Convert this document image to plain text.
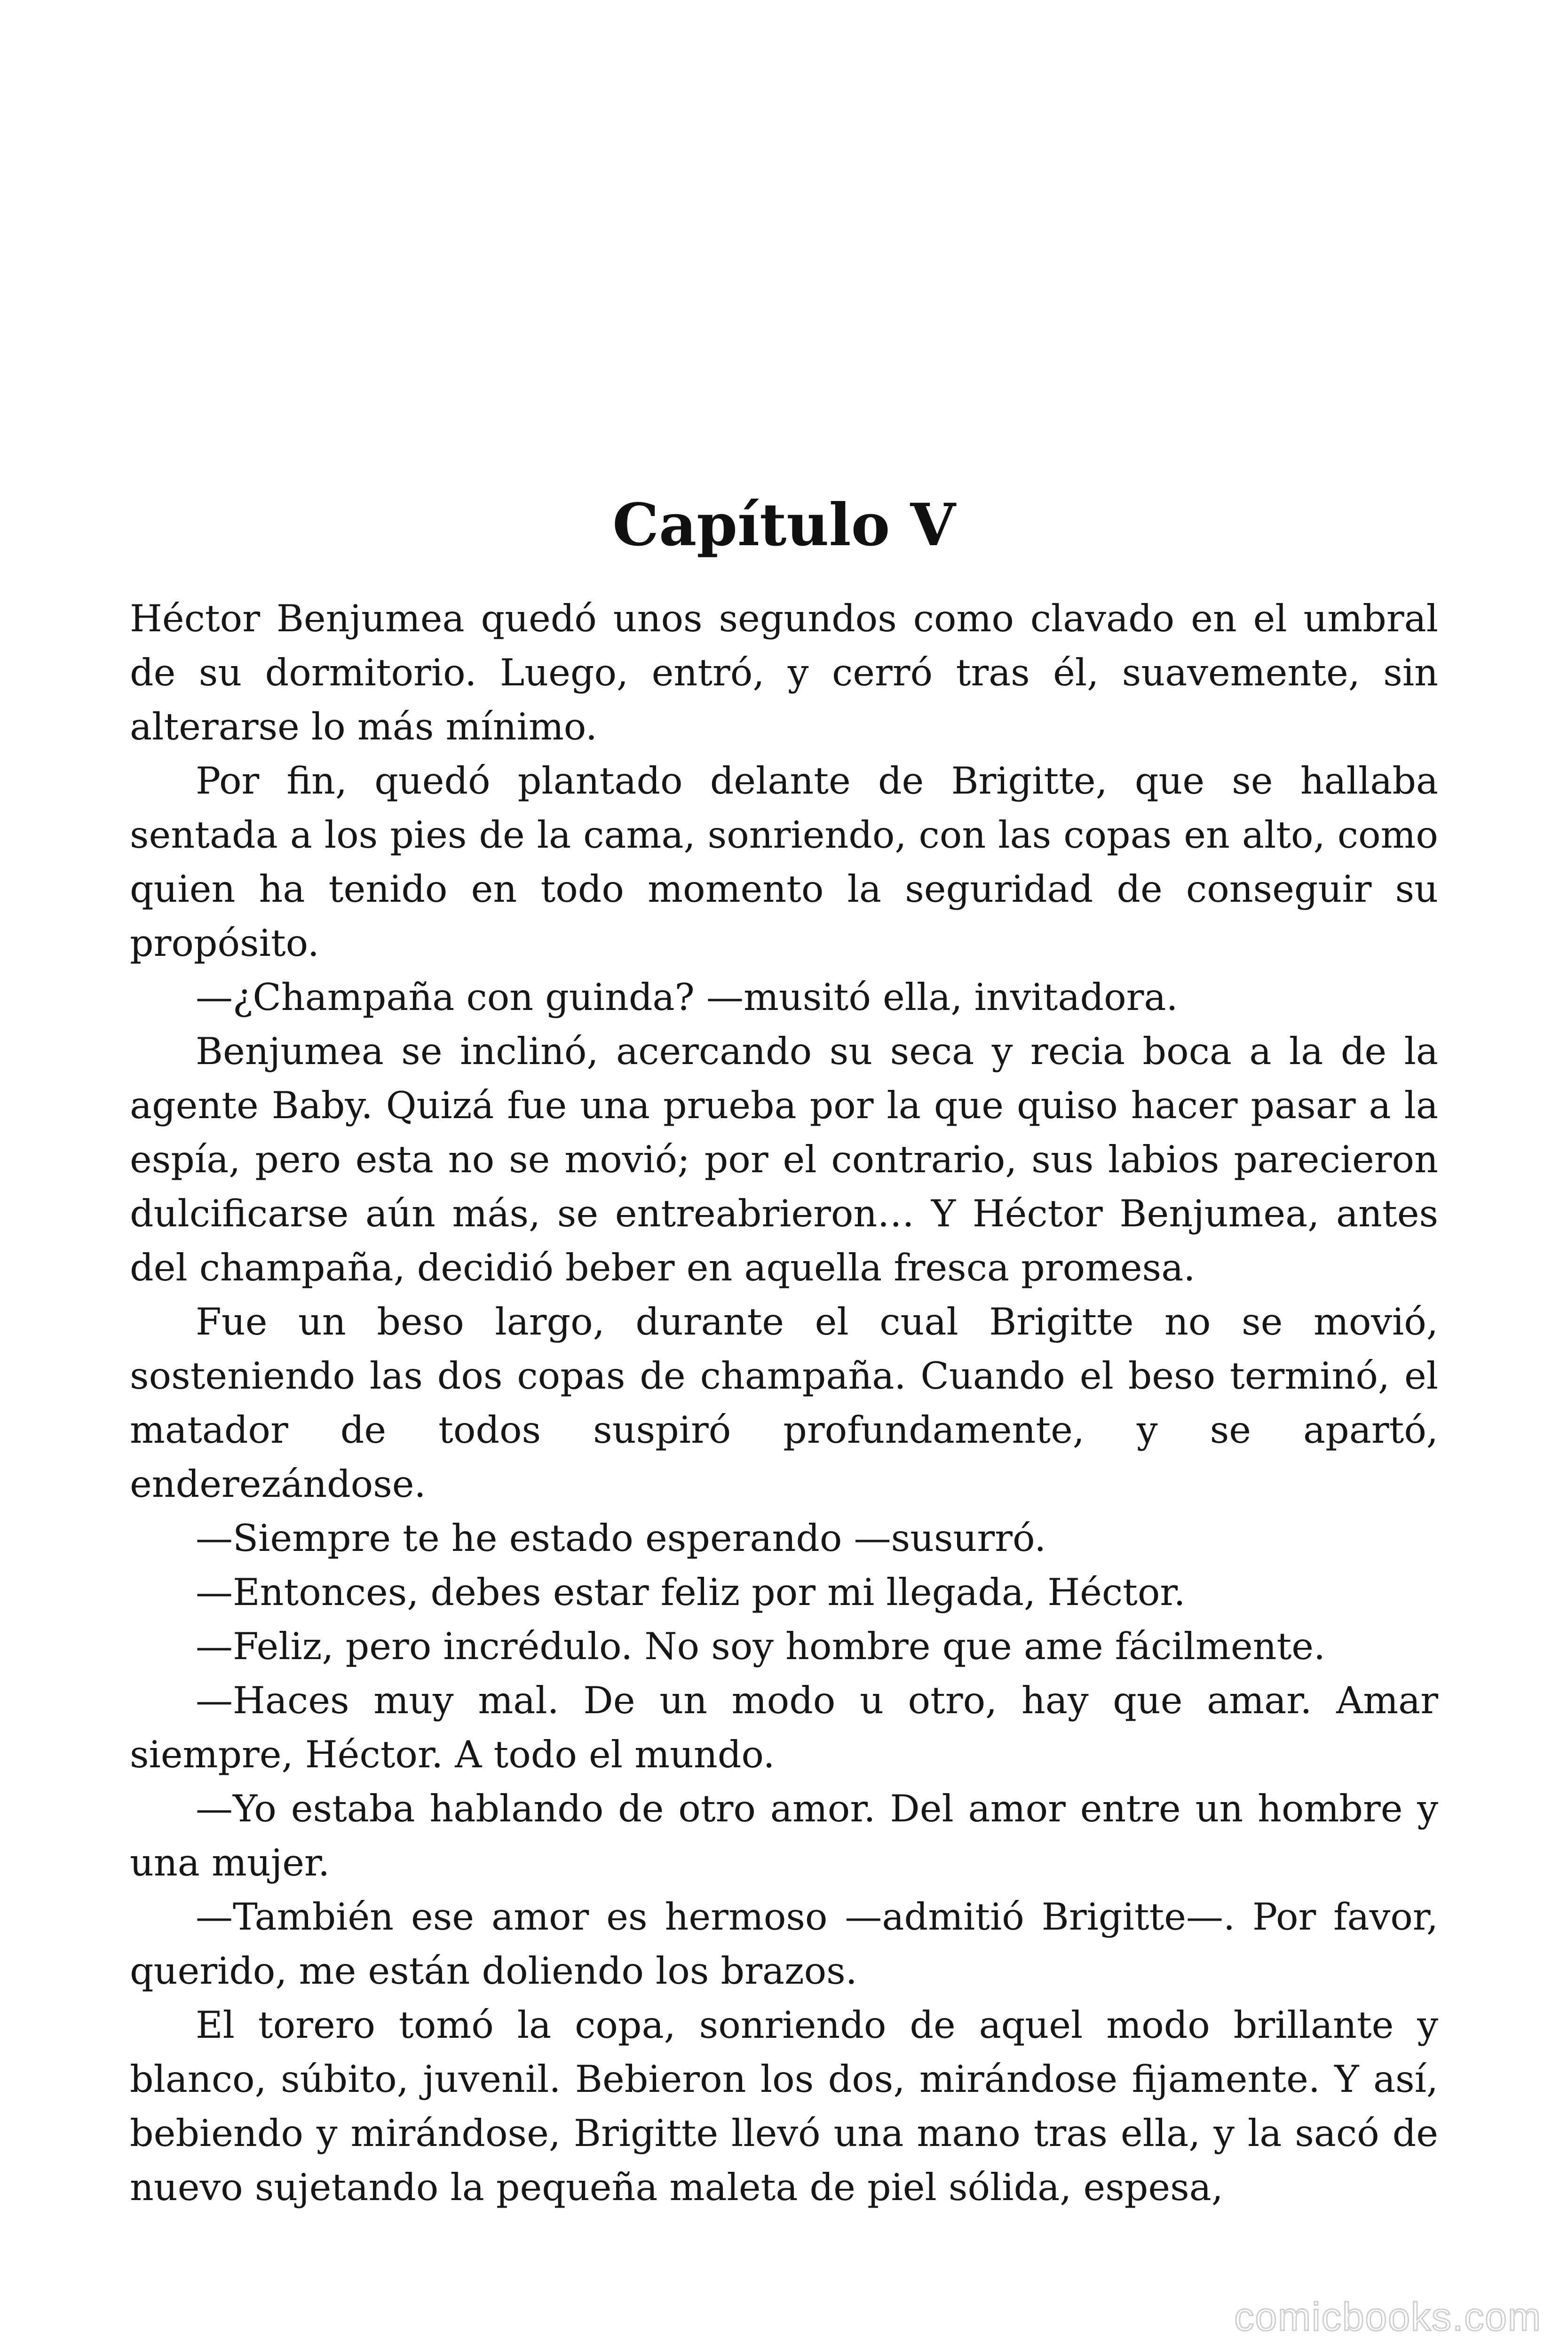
Capítulo V

Héctor Benjumea quedó unos segundos como clavado en el umbral de su dormitorio. Luego, entró, y cerró tras él, suavemente, sin alterarse lo más mínimo.

Por fin, quedó plantado delante de Brigitte, que se hallaba sentada a los pies de la cama, sonriendo, con las copas en alto, como quien ha tenido en todo momento la seguridad de conseguir su propósito.

—¿Champaña con guinda? —musitó ella, invitadora.

Benjumea se inclinó, acercando su seca y recia boca a la de la agente Baby. Quizá fue una prueba por la que quiso hacer pasar a la espía, pero esta no se movió; por el contrario, sus labios parecieron dulcificarse aún más, se entreabrieron… Y Héctor Benjumea, antes del champaña, decidió beber en aquella fresca promesa.

Fue un beso largo, durante el cual Brigitte no se movió, sosteniendo las dos copas de champaña. Cuando el beso terminó, el matador de todos suspiró profundamente, y se apartó, enderezándose.

—Siempre te he estado esperando —susurró.

—Entonces, debes estar feliz por mi llegada, Héctor.

—Feliz, pero incrédulo. No soy hombre que ame fácilmente.

—Haces muy mal. De un modo u otro, hay que amar. Amar siempre, Héctor. A todo el mundo.

—Yo estaba hablando de otro amor. Del amor entre un hombre y una mujer.

—También ese amor es hermoso —admitió Brigitte—. Por favor, querido, me están doliendo los brazos.

El torero tomó la copa, sonriendo de aquel modo brillante y blanco, súbito, juvenil. Bebieron los dos, mirándose fijamente. Y así, bebiendo y mirándose, Brigitte llevó una mano tras ella, y la sacó de nuevo sujetando la pequeña maleta de piel sólida, espesa,

comicbooks.com
